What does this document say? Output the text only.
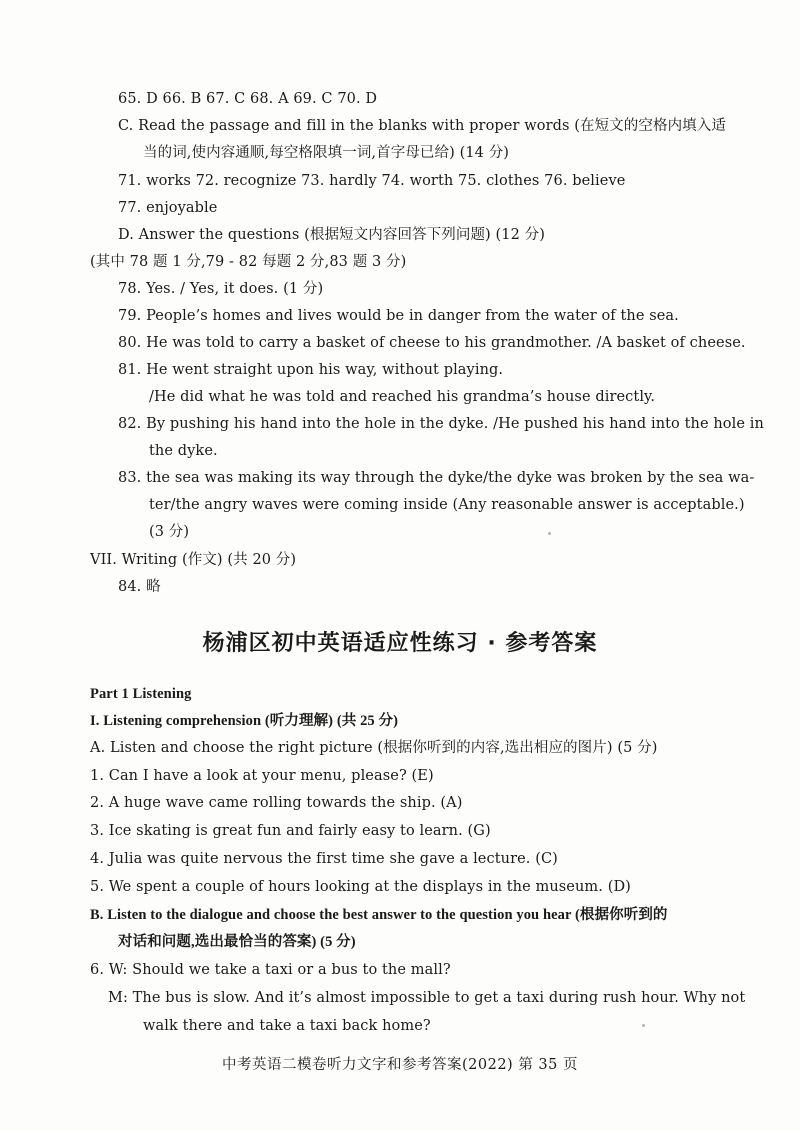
65. D 66. B 67. C 68. A 69. C 70. D
C. Read the passage and fill in the blanks with proper words (在短文的空格内填入适
当的词,使内容通顺,每空格限填一词,首字母已给) (14 分)
71. works 72. recognize 73. hardly 74. worth 75. clothes 76. believe
77. enjoyable
D. Answer the questions (根据短文内容回答下列问题) (12 分)
(其中 78 题 1 分,79 - 82 每题 2 分,83 题 3 分)
78. Yes. / Yes, it does. (1 分)
79. People’s homes and lives would be in danger from the water of the sea.
80. He was told to carry a basket of cheese to his grandmother. /A basket of cheese.
81. He went straight upon his way, without playing.
/He did what he was told and reached his grandma’s house directly.
82. By pushing his hand into the hole in the dyke. /He pushed his hand into the hole in
the dyke.
83. the sea was making its way through the dyke/the dyke was broken by the sea wa-
ter/the angry waves were coming inside (Any reasonable answer is acceptable.)
(3 分)
VII. Writing (作文) (共 20 分)
84. 略
杨浦区初中英语适应性练习 · 参考答案
Part 1 Listening
I. Listening comprehension (听力理解) (共 25 分)
A. Listen and choose the right picture (根据你听到的内容,选出相应的图片) (5 分)
1. Can I have a look at your menu, please? (E)
2. A huge wave came rolling towards the ship. (A)
3. Ice skating is great fun and fairly easy to learn. (G)
4. Julia was quite nervous the first time she gave a lecture. (C)
5. We spent a couple of hours looking at the displays in the museum. (D)
B. Listen to the dialogue and choose the best answer to the question you hear (根据你听到的
对话和问题,选出最恰当的答案) (5 分)
6. W: Should we take a taxi or a bus to the mall?
M: The bus is slow. And it’s almost impossible to get a taxi during rush hour. Why not
walk there and take a taxi back home?
中考英语二模卷听力文字和参考答案(2022) 第 35 页
